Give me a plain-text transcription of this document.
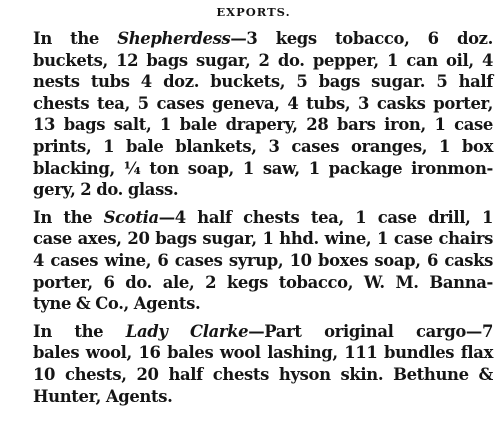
EXPORTS.
In the Shepherdess—3 kegs tobacco, 6 doz.
buckets, 12 bags sugar, 2 do. pepper, 1 can oil, 4
nests tubs 4 doz. buckets, 5 bags sugar. 5 half
chests tea, 5 cases geneva, 4 tubs, 3 casks porter,
13 bags salt, 1 bale drapery, 28 bars iron, 1 case
prints, 1 bale blankets, 3 cases oranges, 1 box
blacking, ¼ ton soap, 1 saw, 1 package ironmon-
gery, 2 do. glass.
In the Scotia—4 half chests tea, 1 case drill, 1
case axes, 20 bags sugar, 1 hhd. wine, 1 case chairs
4 cases wine, 6 cases syrup, 10 boxes soap, 6 casks
porter, 6 do. ale, 2 kegs tobacco, W. M. Banna-
tyne & Co., Agents.
In the Lady Clarke—Part original cargo—7
bales wool, 16 bales wool lashing, 111 bundles flax
10 chests, 20 half chests hyson skin. Bethune &
Hunter, Agents.
